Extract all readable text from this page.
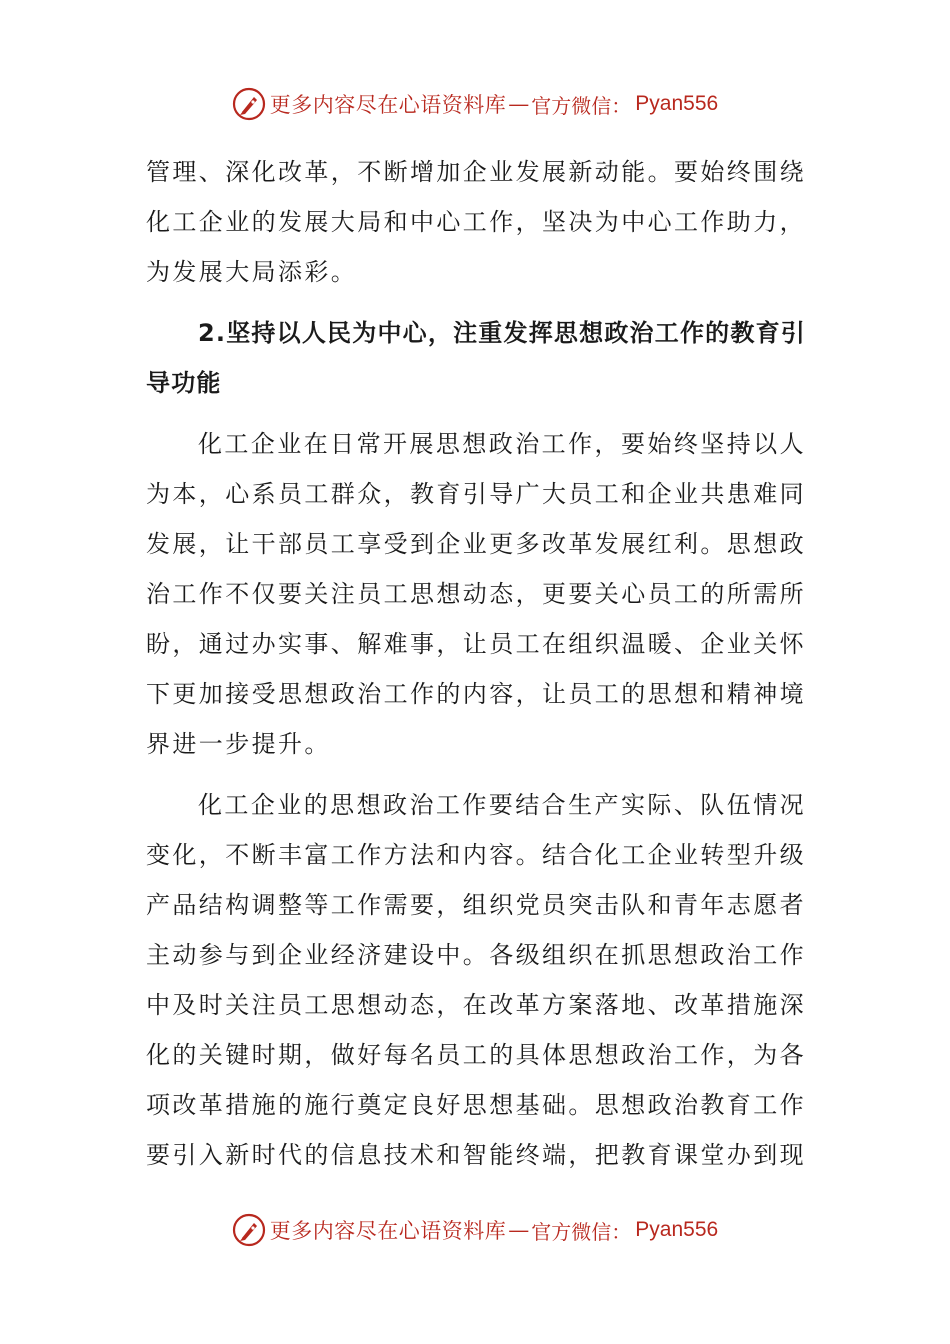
更多内容尽在心语资料库 — 官方微信： Pyan556

管理、深化改革，不断增加企业发展新动能。要始终围绕化工企业的发展大局和中心工作，坚决为中心工作助力，为发展大局添彩。

2.坚持以人民为中心，注重发挥思想政治工作的教育引导功能

化工企业在日常开展思想政治工作，要始终坚持以人为本，心系员工群众，教育引导广大员工和企业共患难同发展，让干部员工享受到企业更多改革发展红利。思想政治工作不仅要关注员工思想动态，更要关心员工的所需所盼，通过办实事、解难事，让员工在组织温暖、企业关怀下更加接受思想政治工作的内容，让员工的思想和精神境界进一步提升。

化工企业的思想政治工作要结合生产实际、队伍情况变化，不断丰富工作方法和内容。结合化工企业转型升级产品结构调整等工作需要，组织党员突击队和青年志愿者主动参与到企业经济建设中。各级组织在抓思想政治工作中及时关注员工思想动态，在改革方案落地、改革措施深化的关键时期，做好每名员工的具体思想政治工作，为各项改革措施的施行奠定良好思想基础。思想政治教育工作要引入新时代的信息技术和智能终端，把教育课堂办到现

更多内容尽在心语资料库 — 官方微信： Pyan556
